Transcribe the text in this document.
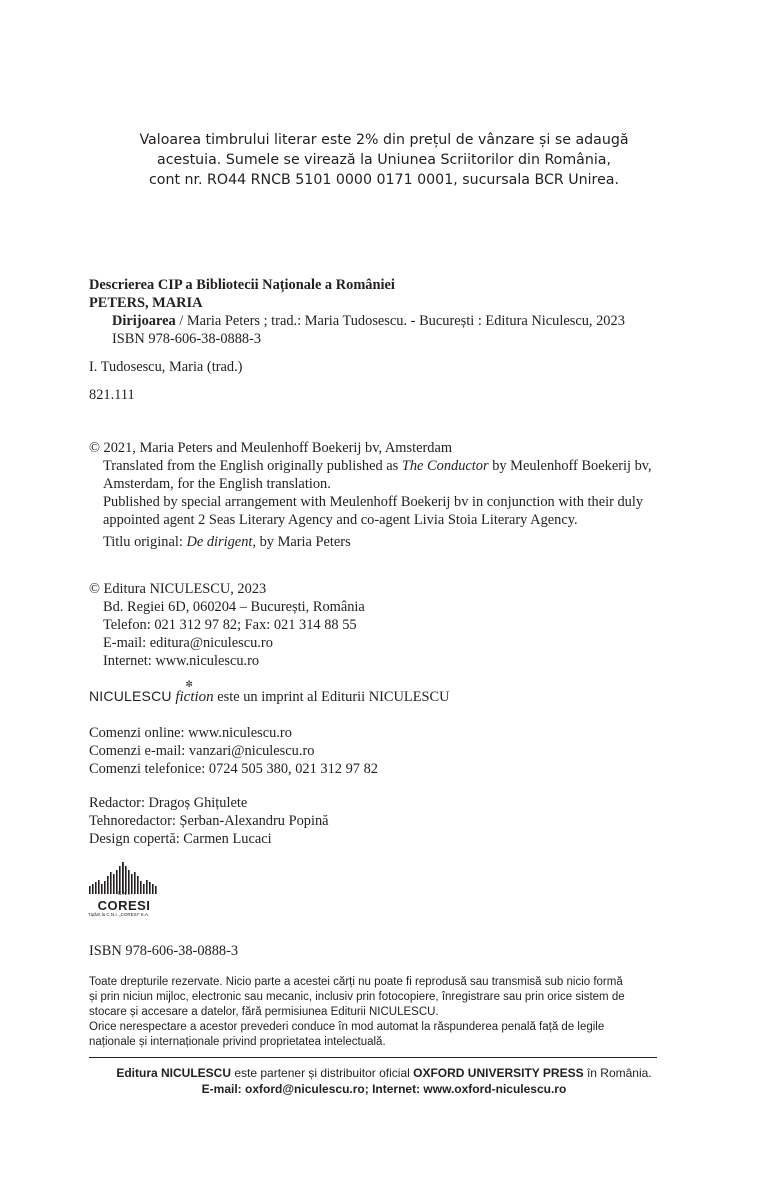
Valoarea timbrului literar este 2% din prețul de vânzare și se adaugă
acestuia. Sumele se virează la Uniunea Scriitorilor din România,
cont nr. RO44 RNCB 5101 0000 0171 0001, sucursala BCR Unirea.
Descrierea CIP a Bibliotecii Naționale a României
PETERS, MARIA
Dirijoarea / Maria Peters ; trad.: Maria Tudosescu. - București : Editura Niculescu, 2023
ISBN 978-606-38-0888-3
I. Tudosescu, Maria (trad.)
821.111
© 2021, Maria Peters and Meulenhoff Boekerij bv, Amsterdam
Translated from the English originally published as The Conductor by Meulenhoff Boekerij bv,
Amsterdam, for the English translation.
Published by special arrangement with Meulenhoff Boekerij bv in conjunction with their duly
appointed agent 2 Seas Literary Agency and co-agent Livia Stoia Literary Agency.
Titlu original: De dirigent, by Maria Peters
© Editura NICULESCU, 2023
Bd. Regiei 6D, 060204 – București, România
Telefon: 021 312 97 82; Fax: 021 314 88 55
E-mail: editura@niculescu.ro
Internet: www.niculescu.ro
NICULESCU fiction
✼
este un imprint al Editurii NICULESCU
Comenzi online: www.niculescu.ro
Comenzi e-mail: vanzari@niculescu.ro
Comenzi telefonice: 0724 505 380, 021 312 97 82
Redactor: Dragoș Ghițulete
Tehnoredactor: Șerban-Alexandru Popină
Design copertă: Carmen Lucaci
C.N.I.
CORESI
Tipărit la C.N.I. „CORESI” S.A.
ISBN 978-606-38-0888-3
Toate drepturile rezervate. Nicio parte a acestei cărți nu poate fi reprodusă sau transmisă sub nicio formă
și prin niciun mijloc, electronic sau mecanic, inclusiv prin fotocopiere, înregistrare sau prin orice sistem de
stocare și accesare a datelor, fără permisiunea Editurii NICULESCU.
Orice nerespectare a acestor prevederi conduce în mod automat la răspunderea penală față de legile
naționale și internaționale privind proprietatea intelectuală.
Editura NICULESCU este partener și distribuitor oficial OXFORD UNIVERSITY PRESS în România.
E-mail: oxford@niculescu.ro; Internet: www.oxford-niculescu.ro
